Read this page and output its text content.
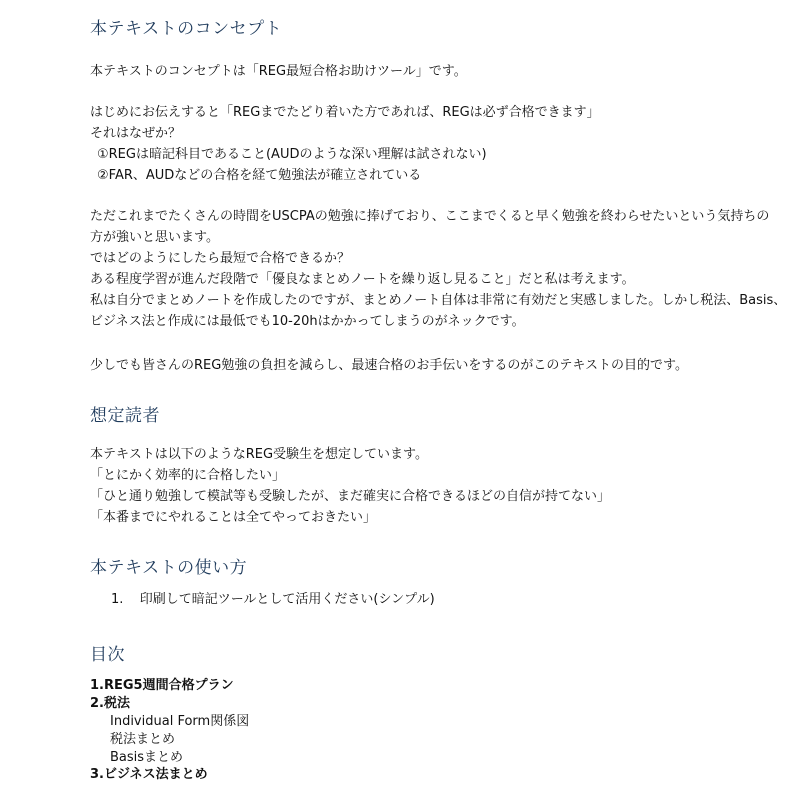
本テキストのコンセプト
本テキストのコンセプトは「REG最短合格お助けツール」です。
はじめにお伝えすると「REGまでたどり着いた方であれば、REGは必ず合格できます」
それはなぜか？
①REGは暗記科目であること(AUDのような深い理解は試されない)
②FAR、AUDなどの合格を経て勉強法が確立されている
ただこれまでたくさんの時間をUSCPAの勉強に捧げており、ここまでくると早く勉強を終わらせたいという気持ちの
方が強いと思います。
ではどのようにしたら最短で合格できるか？
ある程度学習が進んだ段階で「優良なまとめノートを繰り返し見ること」だと私は考えます。
私は自分でまとめノートを作成したのですが、まとめノート自体は非常に有効だと実感しました。しかし税法、Basis、
ビジネス法と作成には最低でも10-20hはかかってしまうのがネックです。
少しでも皆さんのREG勉強の負担を減らし、最速合格のお手伝いをするのがこのテキストの目的です。
想定読者
本テキストは以下のようなREG受験生を想定しています。
「とにかく効率的に合格したい」
「ひと通り勉強して模試等も受験したが、まだ確実に合格できるほどの自信が持てない」
「本番までにやれることは全てやっておきたい」
本テキストの使い方
1. 印刷して暗記ツールとして活用ください(シンプル)
目次
1.REG5週間合格プラン
2.税法
Individual Form関係図
税法まとめ
Basisまとめ
3.ビジネス法まとめ
